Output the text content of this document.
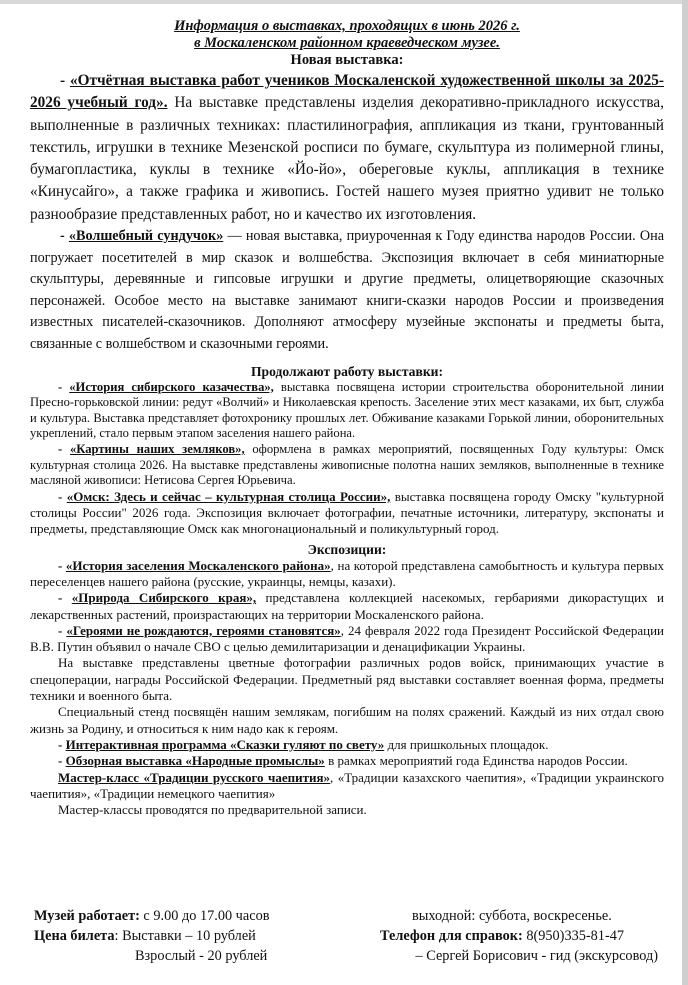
Информация о выставках, проходящих в июнь 2026 г.

в Москаленском районном краеведческом музее.

Новая выставка:

- «Отчётная выставка работ учеников Москаленской художественной школы за 2025-2026 учебный год». На выставке представлены изделия декоративно-прикладного искусства, выполненные в различных техниках: пластилинография, аппликация из ткани, грунтованный текстиль, игрушки в технике Мезенской росписи по бумаге, скульптура из полимерной глины, бумагопластика, куклы в технике «Йо-йо», обереговые куклы, аппликация в технике «Кинусайго», а также графика и живопись. Гостей нашего музея приятно удивит не только разнообразие представленных работ, но и качество их изготовления.

- «Волшебный сундучок» — новая выставка, приуроченная к Году единства народов России. Она погружает посетителей в мир сказок и волшебства. Экспозиция включает в себя миниатюрные скульптуры, деревянные и гипсовые игрушки и другие предметы, олицетворяющие сказочных персонажей. Особое место на выставке занимают книги-сказки народов России и произведения известных писателей-сказочников. Дополняют атмосферу музейные экспонаты и предметы быта, связанные с волшебством и сказочными героями.

Продолжают работу выставки:

- «История сибирского казачества», выставка посвящена истории строительства оборонительной линии Пресно-горьковской линии: редут «Волчий» и Николаевская крепость. Заселение этих мест казаками, их быт, служба и культура. Выставка представляет фотохронику прошлых лет. Обживание казаками Горькой линии, оборонительных укреплений, стало первым этапом заселения нашего района.

- «Картины наших земляков», оформлена в рамках мероприятий, посвященных Году культуры: Омск культурная столица 2026. На выставке представлены живописные полотна наших земляков, выполненные в технике масляной живописи: Нетисова Сергея Юрьевича.

- «Омск: Здесь и сейчас – культурная столица России», выставка посвящена городу Омску "культурной столицы России" 2026 года. Экспозиция включает фотографии, печатные источники, литературу, экспонаты и предметы, представляющие Омск как многонациональный и поликультурный город.

Экспозиции:

- «История заселения Москаленского района», на которой представлена самобытность и культура первых переселенцев нашего района (русские, украинцы, немцы, казахи).

- «Природа Сибирского края», представлена коллекцией насекомых, гербариями дикорастущих и лекарственных растений, произрастающих на территории Москаленского района.

- «Героями не рождаются, героями становятся», 24 февраля 2022 года Президент Российской Федерации В.В. Путин объявил о начале СВО с целью демилитаризации и денацификации Украины.

На выставке представлены цветные фотографии различных родов войск, принимающих участие в спецоперации, награды Российской Федерации. Предметный ряд выставки составляет военная форма, предметы техники и военного быта.

Специальный стенд посвящён нашим землякам, погибшим на полях сражений. Каждый из них отдал свою жизнь за Родину, и относиться к ним надо как к героям.

- Интерактивная программа «Сказки гуляют по свету» для пришкольных площадок.

- Обзорная выставка «Народные промыслы» в рамках мероприятий года Единства народов России.

Мастер-класс «Традиции русского чаепития», «Традиции казахского чаепития», «Традиции украинского чаепития», «Традиции немецкого чаепития»

Мастер-классы проводятся по предварительной записи.

Музей работает: с 9.00 до 17.00 часов	выходной: суббота, воскресенье.
Цена билета: Выставки – 10 рублей	Телефон для справок: 8(950)335-81-47
Взрослый - 20 рублей	– Сергей Борисович - гид (экскурсовод)
